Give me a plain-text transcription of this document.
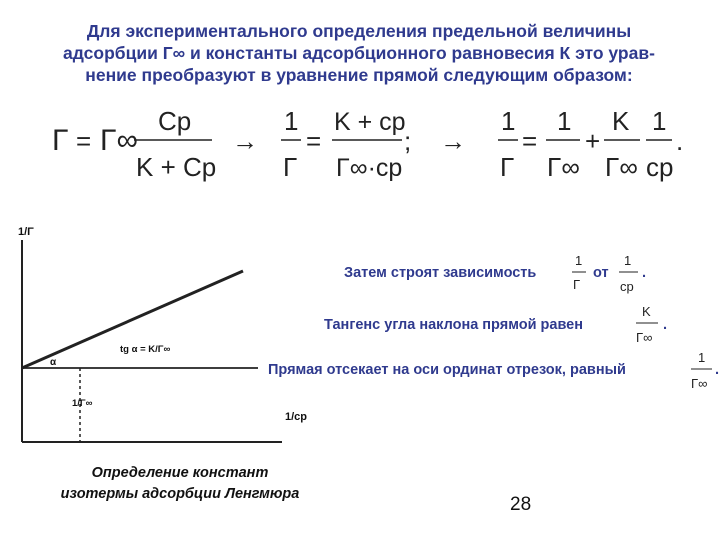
Для экспериментального определения предельной величины
адсорбции Г∞ и константы адсорбционного равновесия К это урав-
нение преобразуют в уравнение прямой следующим образом:
Γ = Γ∞
Cp
K + Cp
→
1
Γ
=
K + cp
Γ∞·cp
; →
1
Γ
=
1
Γ∞
+
K
Γ∞
1
cp
.
1/Γ
1/cp
α
tg α = K/Γ∞
1/Γ∞
Затем строят зависимость	от .
Тангенс угла наклона прямой равен	.
Прямая отсекает на оси ординат отрезок, равный	.
1
Γ
1
cp
K
Γ∞
1
Γ∞
Определение констант
изотермы адсорбции Ленгмюра	28
